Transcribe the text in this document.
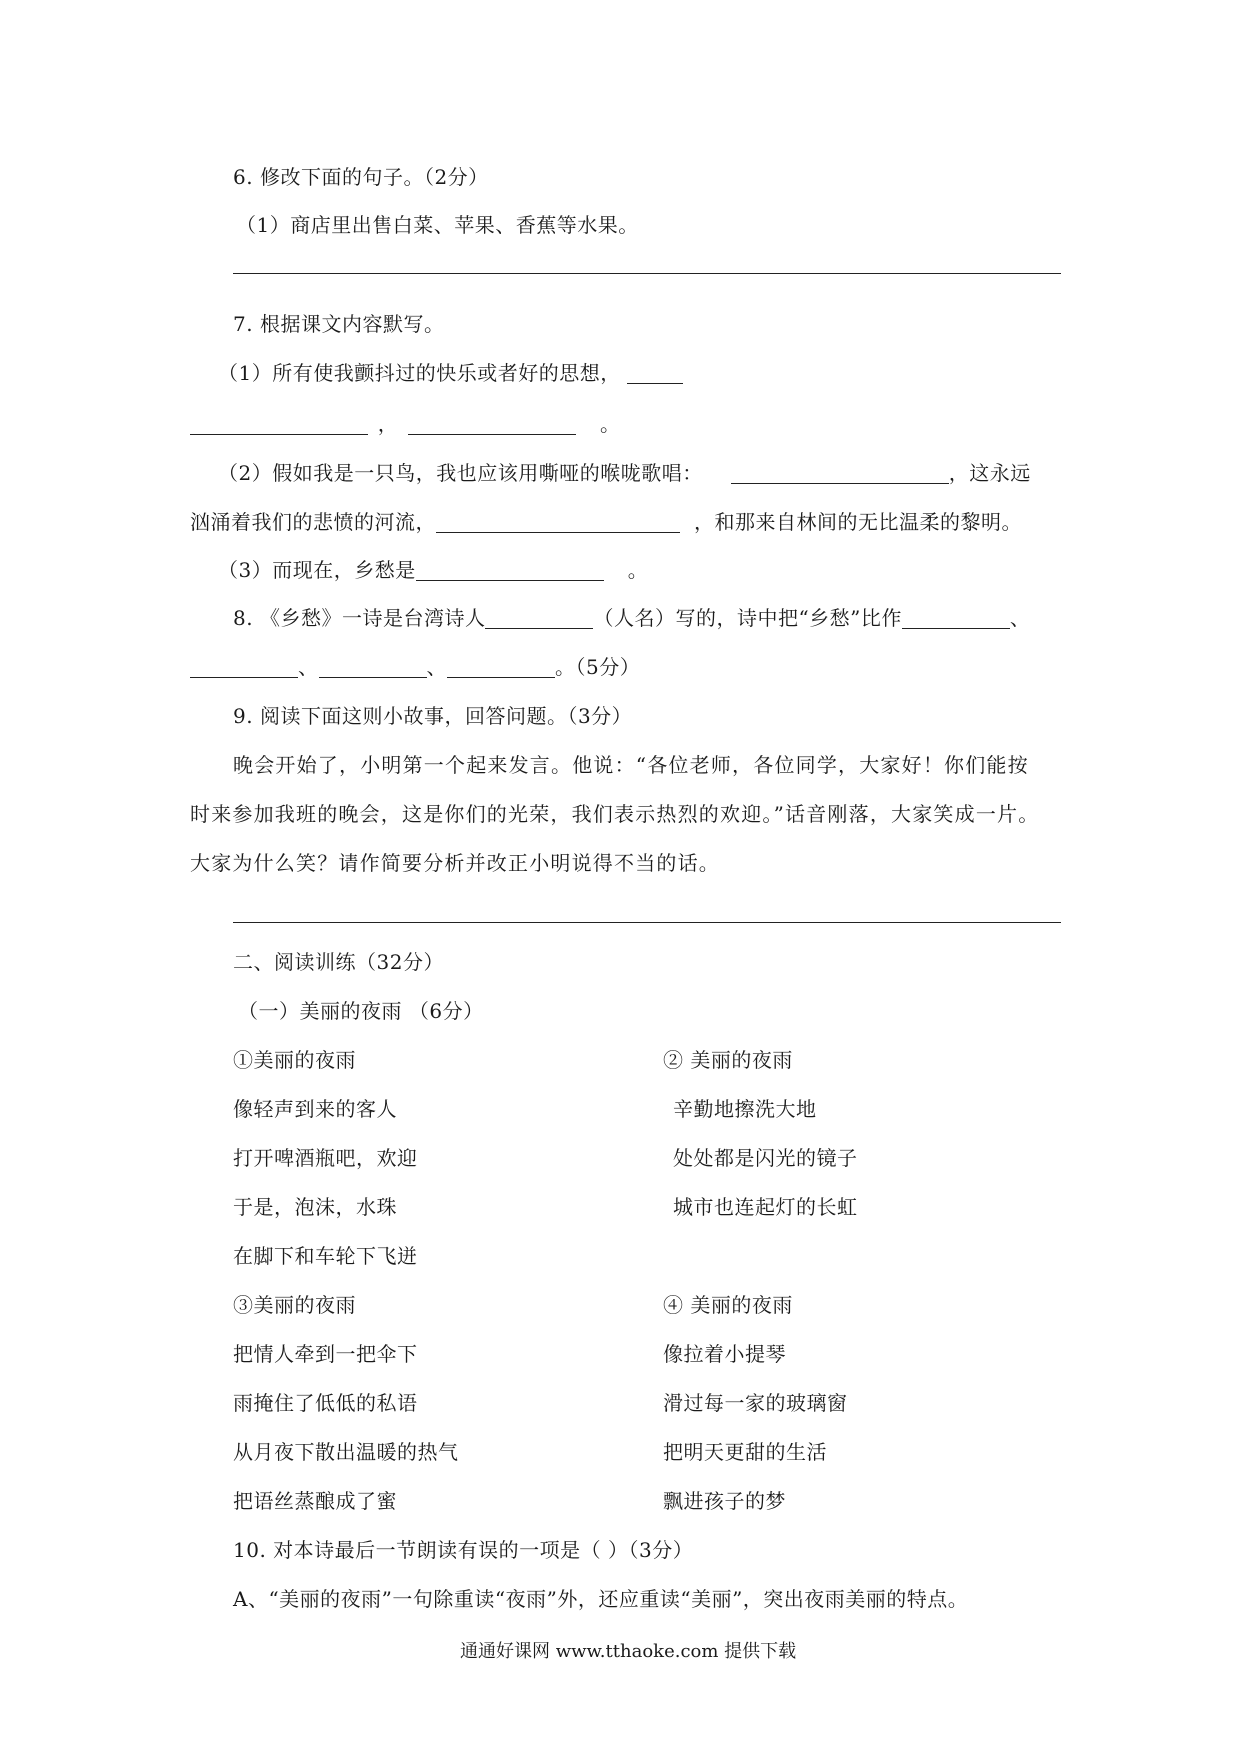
6. 修改下面的句子。（2分）
（1）商店里出售白菜、苹果、香蕉等水果。
7. 根据课文内容默写。
（1）所有使我颤抖过的快乐或者好的思想，
，	。
（2）假如我是一只鸟，我也应该用嘶哑的喉咙歌唱：	，这永远
汹涌着我们的悲愤的河流，	，和那来自林间的无比温柔的黎明。
（3）而现在，乡愁是	。
8. 《乡愁》一诗是台湾诗人	（人名）写的，诗中把“乡愁”比作	、
、	、	。（5分）
9. 阅读下面这则小故事，回答问题。（3分）
晚会开始了，小明第一个起来发言。他说：“各位老师，各位同学，大家好！你们能按
时来参加我班的晚会，这是你们的光荣，我们表示热烈的欢迎。”话音刚落，大家笑成一片。
大家为什么笑？请作简要分析并改正小明说得不当的话。
二、阅读训练（32分）
（一）美丽的夜雨 （6分）
①美丽的夜雨
像轻声到来的客人
打开啤酒瓶吧，欢迎
于是，泡沫，水珠
在脚下和车轮下飞迸
② 美丽的夜雨
辛勤地擦洗大地
处处都是闪光的镜子
城市也连起灯的长虹
③美丽的夜雨
把情人牵到一把伞下
雨掩住了低低的私语
从月夜下散出温暖的热气
把语丝蒸酿成了蜜
④ 美丽的夜雨
像拉着小提琴
滑过每一家的玻璃窗
把明天更甜的生活
飘进孩子的梦
10. 对本诗最后一节朗读有误的一项是（ ）（3分）
A、“美丽的夜雨”一句除重读“夜雨”外，还应重读“美丽”，突出夜雨美丽的特点。
通通好课网 www.tthaoke.com 提供下载
